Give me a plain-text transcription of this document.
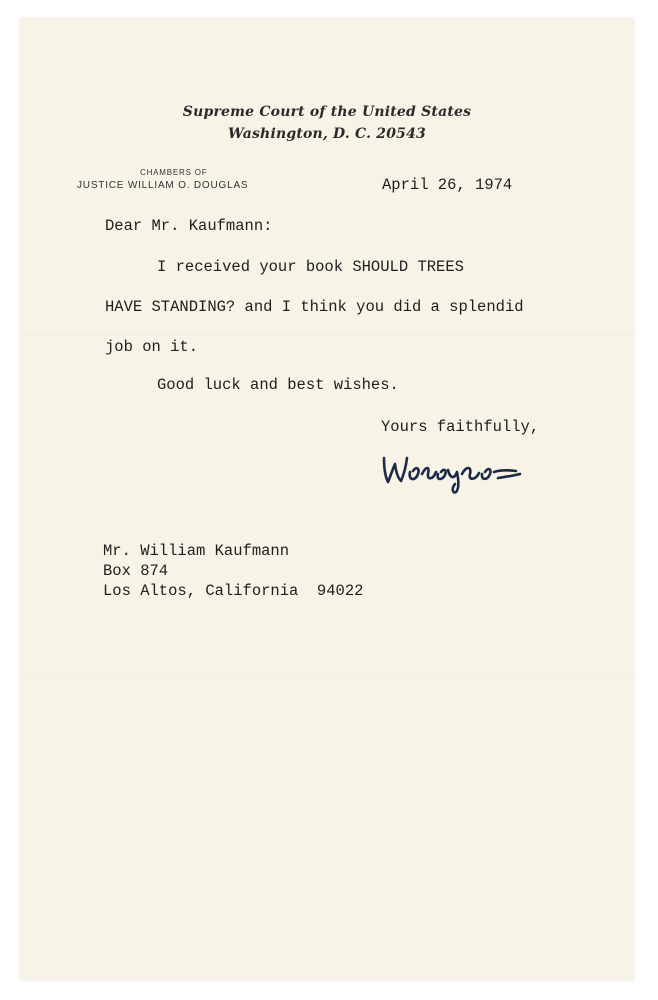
Supreme Court of the United States
Washington, D. C. 20543
CHAMBERS OF
JUSTICE WILLIAM O. DOUGLAS	April 26, 1974
Dear Mr. Kaufmann:
I received your book SHOULD TREES
HAVE STANDING? and I think you did a splendid
job on it.
Good luck and best wishes.
Yours faithfully,
Mr. William Kaufmann
Box 874
Los Altos, California  94022
